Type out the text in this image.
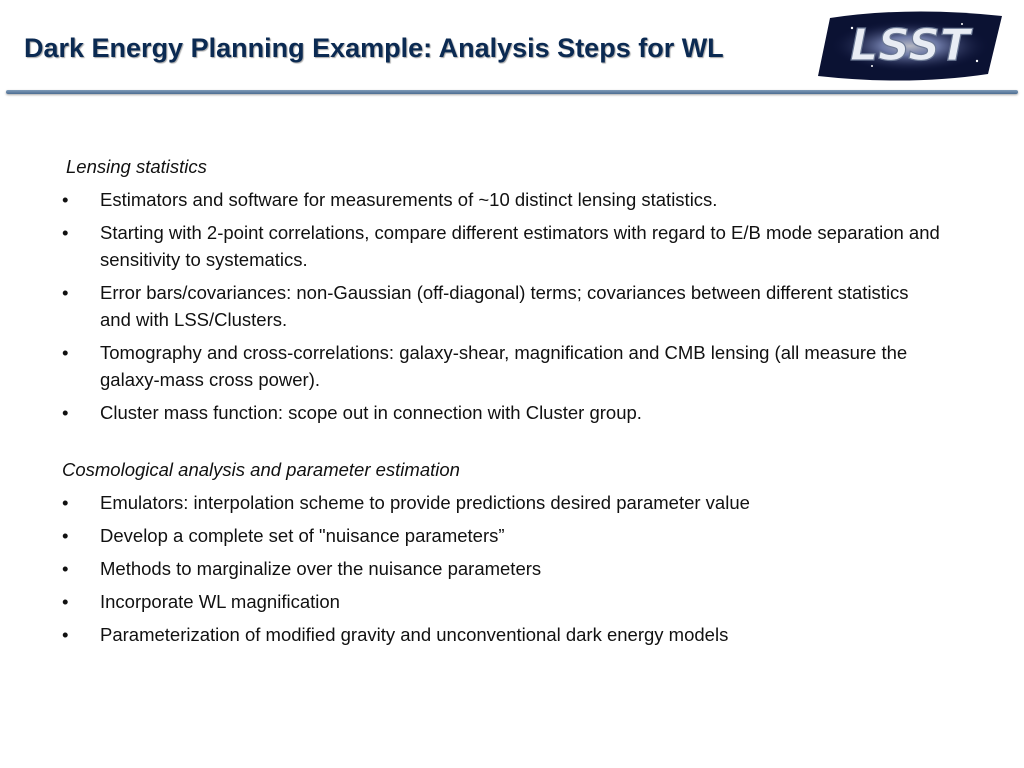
Dark Energy Planning Example: Analysis Steps for WL	LSST

Lensing statistics

•	Estimators and software for measurements of ~10 distinct lensing statistics.
•	Starting with 2-point correlations, compare different estimators with regard to E/B mode separation and sensitivity to systematics.
•	Error bars/covariances: non-Gaussian (off-diagonal) terms; covariances between different statistics and with LSS/Clusters.
•	Tomography and cross-correlations: galaxy-shear, magnification and CMB lensing (all measure the galaxy-mass cross power).
•	Cluster mass function: scope out in connection with Cluster group.

Cosmological analysis and parameter estimation

•	Emulators: interpolation scheme to provide predictions desired parameter value
•	Develop a complete set of "nuisance parameters”
•	Methods to marginalize over the nuisance parameters
•	Incorporate WL magnification
•	Parameterization of modified gravity and unconventional dark energy models
